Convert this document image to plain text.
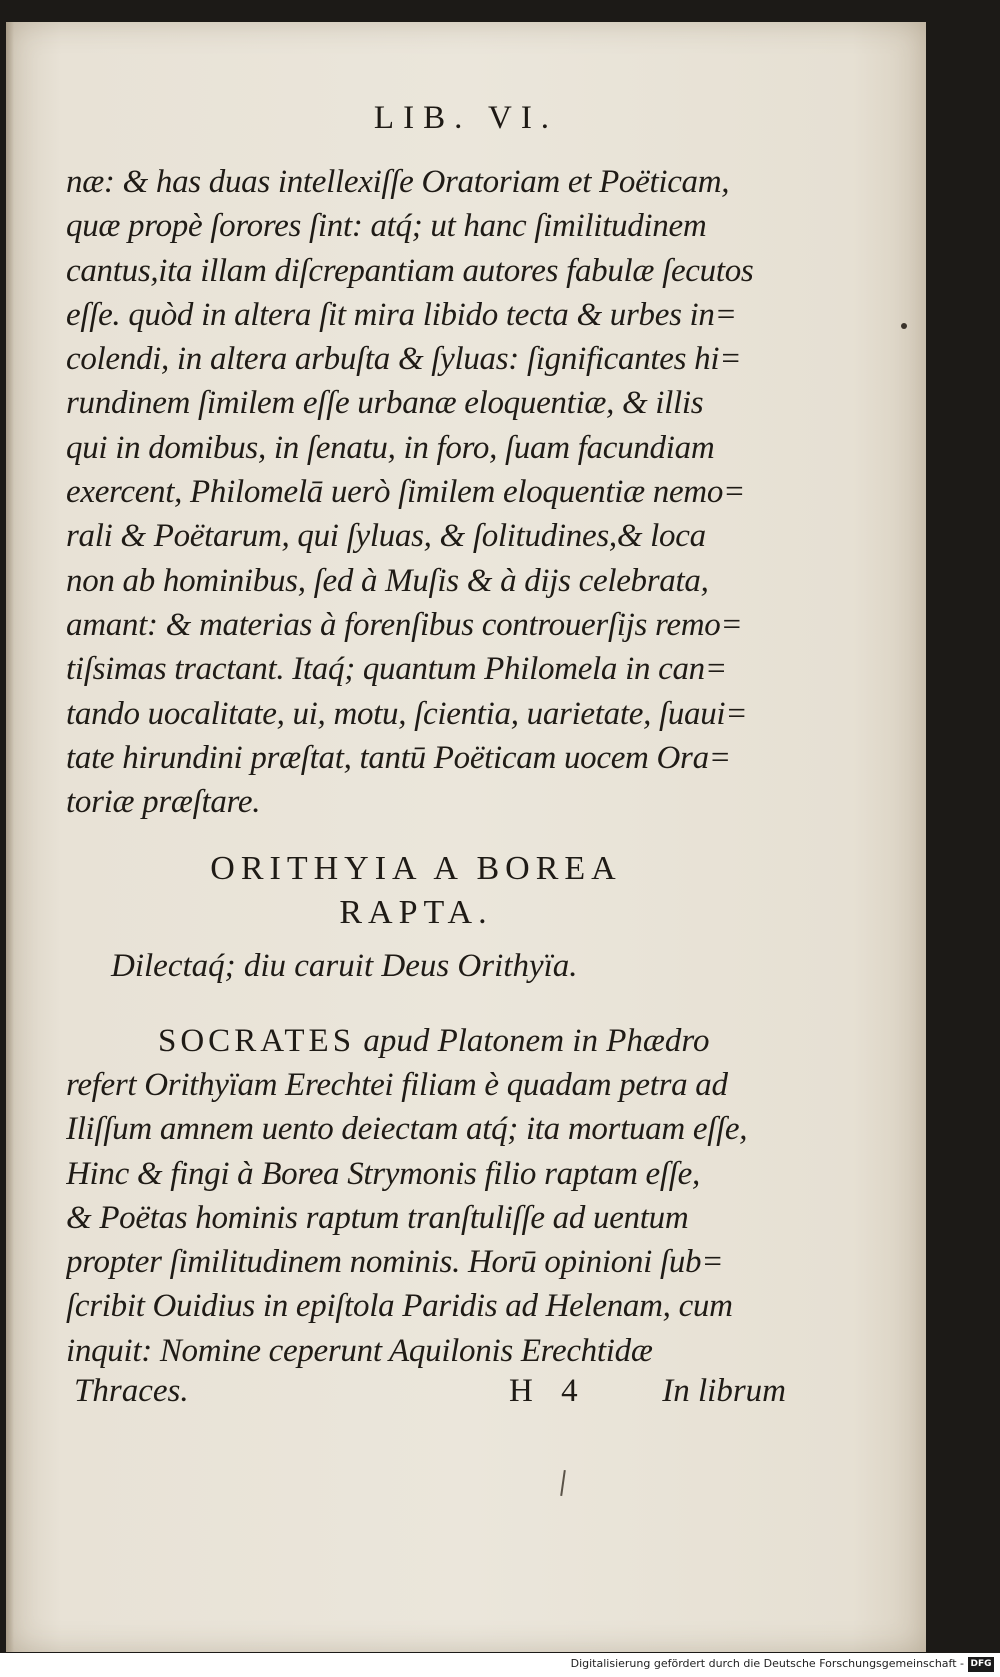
LIB. VI.
næ: & has duas intellexiſſe Oratoriam et Poëticam,
quæ propè ſorores ſint: atq́; ut hanc ſimilitudinem
cantus,ita illam diſcrepantiam autores fabulæ ſecutos
eſſe. quòd in altera ſit mira libido tecta & urbes in=
colendi, in altera arbuſta & ſyluas: ſignificantes hi=
rundinem ſimilem eſſe urbanæ eloquentiæ, & illis
qui in domibus, in ſenatu, in foro, ſuam facundiam
exercent, Philomelā uerò ſimilem eloquentiæ nemo=
rali & Poëtarum, qui ſyluas, & ſolitudines,& loca
non ab hominibus, ſed à Muſis & à dijs celebrata,
amant: & materias à forenſibus controuerſijs remo=
tiſsimas tractant. Itaq́; quantum Philomela in can=
tando uocalitate, ui, motu, ſcientia, uarietate, ſuaui=
tate hirundini præſtat, tantū Poëticam uocem Ora=
toriæ præſtare.
ORITHYIA A BOREA
RAPTA.
Dilectaq́; diu caruit Deus Orithyïa.
SOCRATES apud Platonem in Phædro
refert Orithyïam Erechtei filiam è quadam petra ad
Iliſſum amnem uento deiectam atq́; ita mortuam eſſe,
Hinc & fingi à Borea Strymonis filio raptam eſſe,
& Poëtas hominis raptum tranſtuliſſe ad uentum
propter ſimilitudinem nominis. Horū opinioni ſub=
ſcribit Ouidius in epiſtola Paridis ad Helenam, cum
inquit: Nomine ceperunt Aquilonis Erechtidæ
Thraces.	H 4 In librum
Digitalisierung gefördert durch die Deutsche Forschungsgemeinschaft - DFG
